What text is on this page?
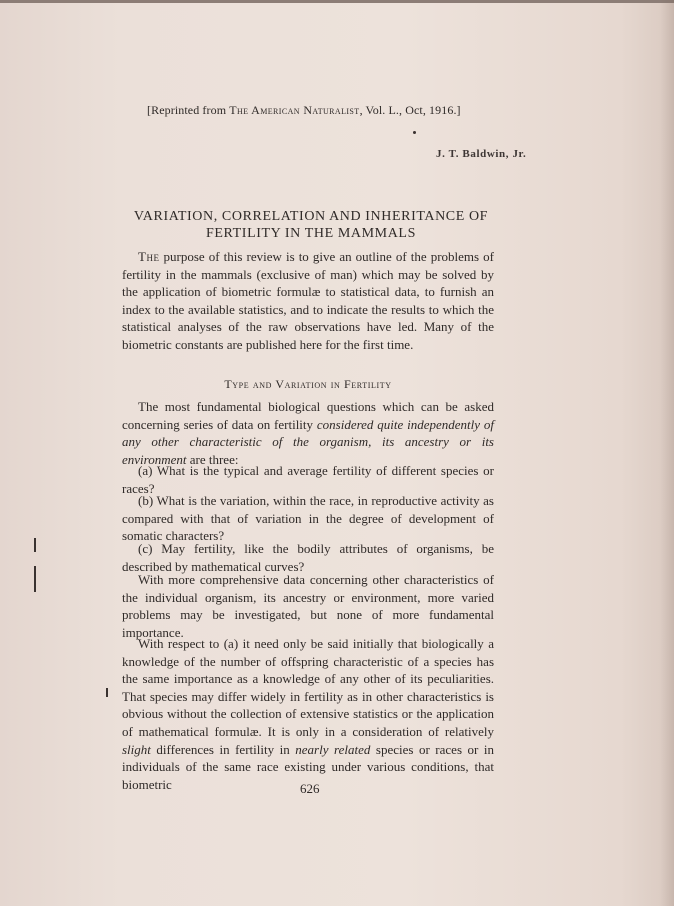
[Reprinted from The American Naturalist, Vol. L., Oct, 1916.]
J. T. Baldwin, Jr.
VARIATION, CORRELATION AND INHERITANCE OF
FERTILITY IN THE MAMMALS
The purpose of this review is to give an outline of the problems of fertility in the mammals (exclusive of man) which may be solved by the application of biometric formulæ to statistical data, to furnish an index to the available statistics, and to indicate the results to which the statistical analyses of the raw observations have led. Many of the biometric constants are published here for the first time.
Type and Variation in Fertility
The most fundamental biological questions which can be asked concerning series of data on fertility considered quite independently of any other characteristic of the organism, its ancestry or its environment are three:
(a) What is the typical and average fertility of different species or races?
(b) What is the variation, within the race, in reproductive activity as compared with that of variation in the degree of development of somatic characters?
(c) May fertility, like the bodily attributes of organisms, be described by mathematical curves?
With more comprehensive data concerning other characteristics of the individual organism, its ancestry or environment, more varied problems may be investigated, but none of more fundamental importance.
With respect to (a) it need only be said initially that biologically a knowledge of the number of offspring characteristic of a species has the same importance as a knowledge of any other of its peculiarities. That species may differ widely in fertility as in other characteristics is obvious without the collection of extensive statistics or the application of mathematical formulæ. It is only in a consideration of relatively slight differences in fertility in nearly related species or races or in individuals of the same race existing under various conditions, that biometric	626
